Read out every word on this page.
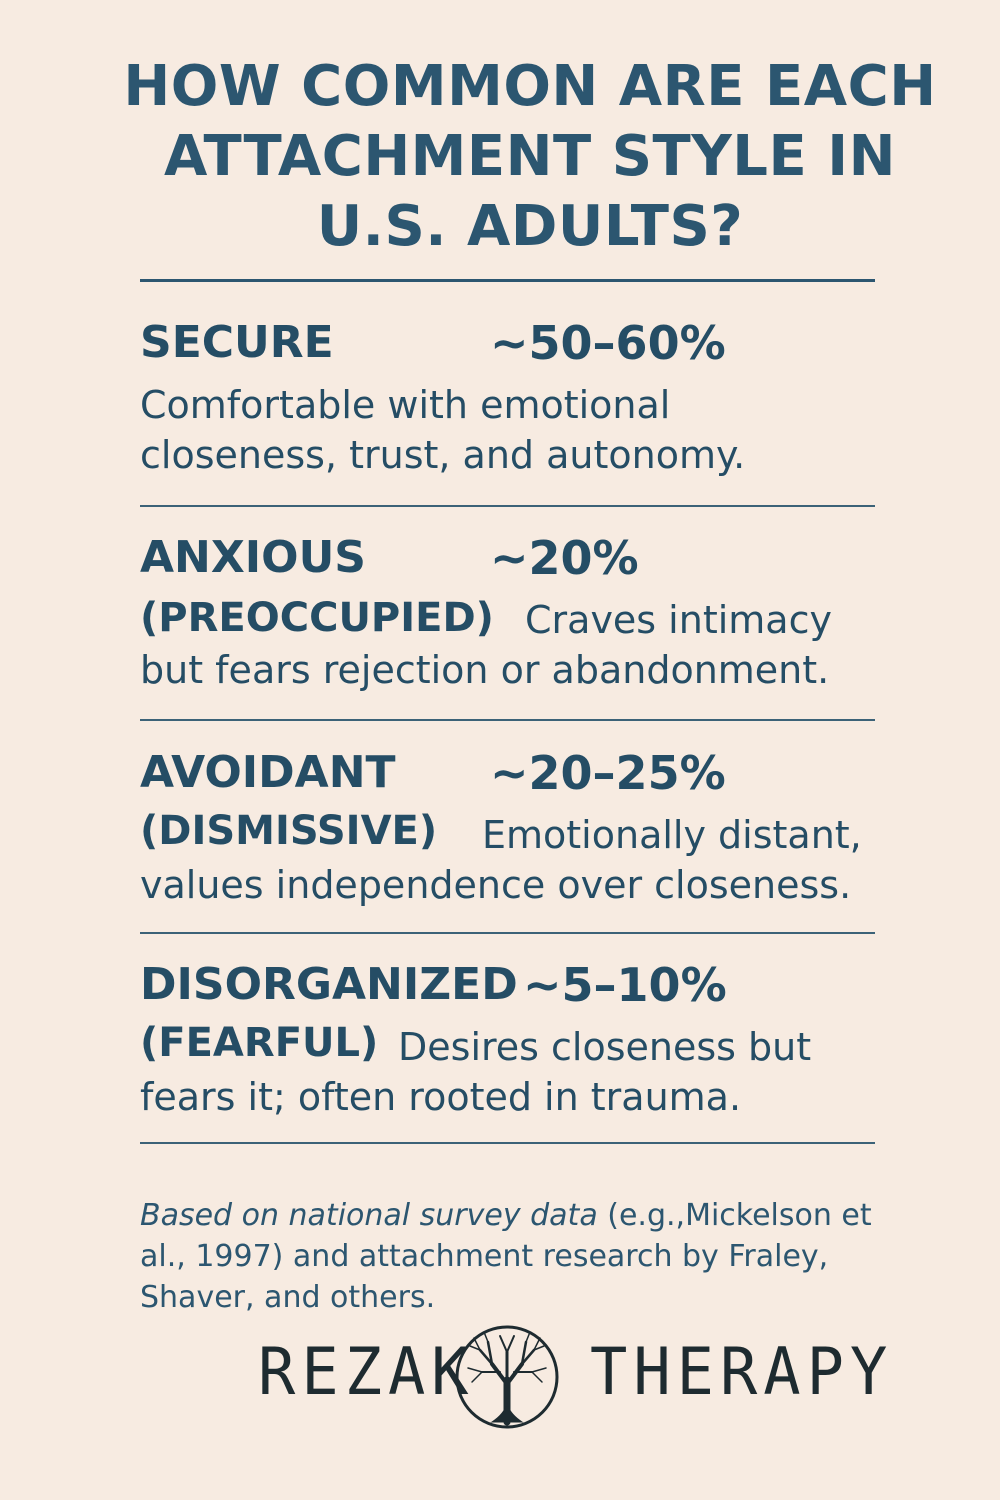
HOW COMMON ARE EACH
ATTACHMENT STYLE IN
U.S. ADULTS?
SECURE	~50–60%
Comfortable with emotional
closeness, trust, and autonomy.
ANXIOUS	~20%
(PREOCCUPIED) Craves intimacy
but fears rejection or abandonment.
AVOIDANT ~20–25%
(DISMISSIVE) Emotionally distant,
values independence over closeness.
DISORGANIZED ~5–10%
(FEARFUL) Desires closeness but
fears it; often rooted in trauma.

Based on national survey data (e.g.,Mickelson et al., 1997) and attachment research by Fraley, Shaver, and others.

REZAK THERAPY
